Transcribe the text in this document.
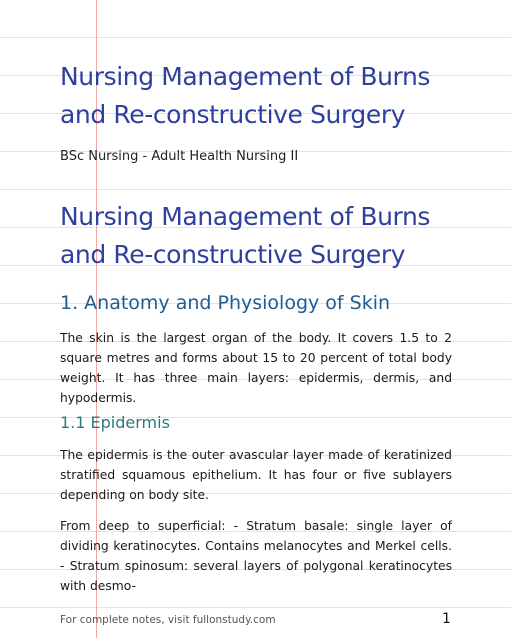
Nursing Management of Burns and Re-constructive Surgery

BSc Nursing - Adult Health Nursing II

Nursing Management of Burns and Re-constructive Surgery
1. Anatomy and Physiology of Skin

The skin is the largest organ of the body. It covers 1.5 to 2 square metres and forms about 15 to 20 percent of total body weight. It has three main layers: epidermis, dermis, and hypodermis.

1.1 Epidermis

The epidermis is the outer avascular layer made of keratinized stratified squamous epithelium. It has four or five sublayers depending on body site.

From deep to superficial: - Stratum basale: single layer of dividing keratinocytes. Contains melanocytes and Merkel cells. - Stratum spinosum: several layers of polygonal keratinocytes with desmo-

For complete notes, visit fullonstudy.com	1
